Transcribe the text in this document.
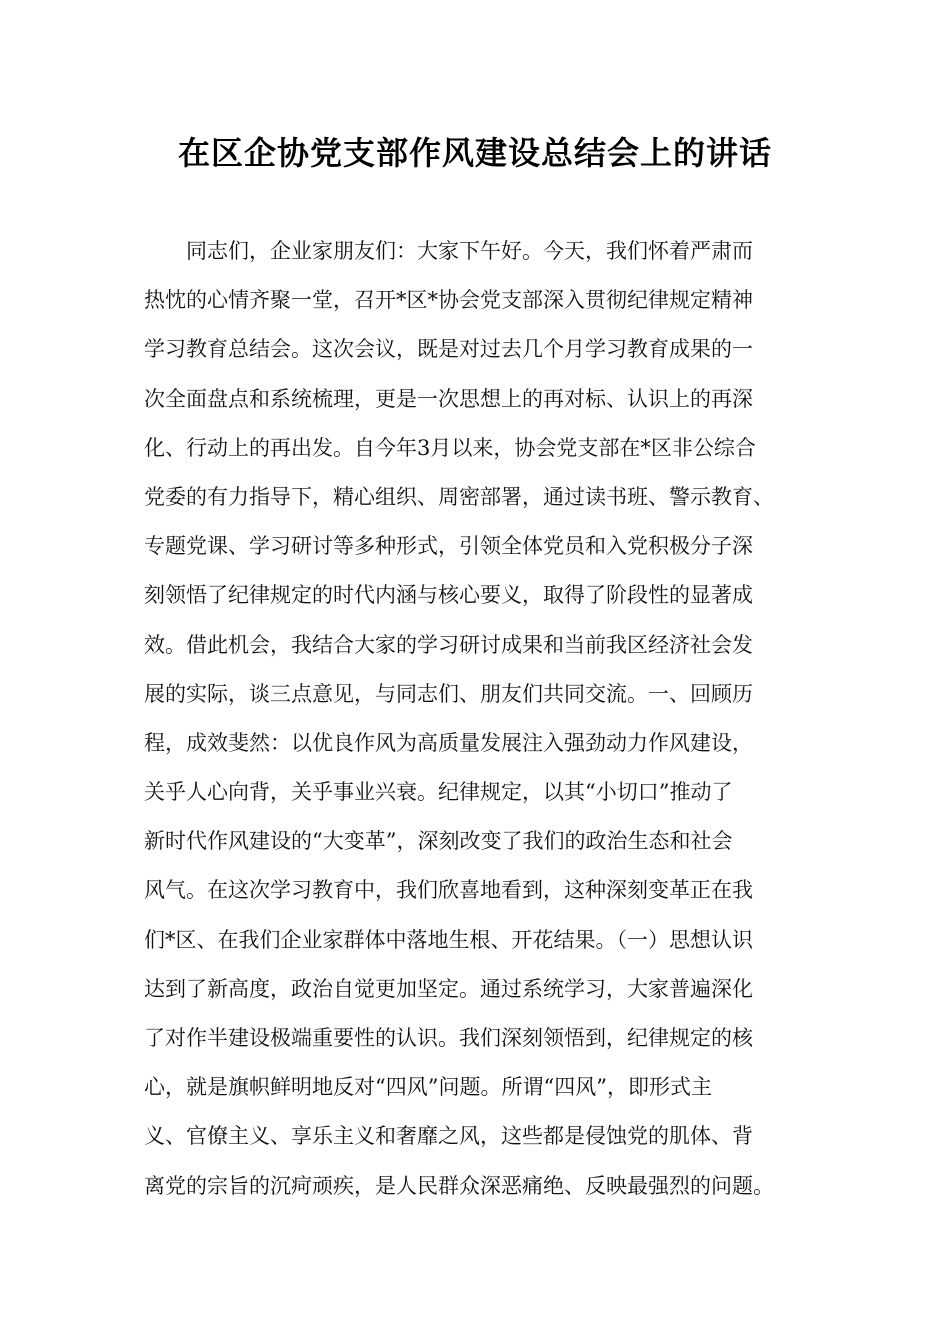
在区企协党支部作风建设总结会上的讲话
同志们，企业家朋友们：大家下午好。今天，我们怀着严肃而
热忱的心情齐聚一堂，召开*区*协会党支部深入贯彻纪律规定精神
学习教育总结会。这次会议，既是对过去几个月学习教育成果的一
次全面盘点和系统梳理，更是一次思想上的再对标、认识上的再深
化、行动上的再出发。自今年3月以来，协会党支部在*区非公综合
党委的有力指导下，精心组织、周密部署，通过读书班、警示教育、
专题党课、学习研讨等多种形式，引领全体党员和入党积极分子深
刻领悟了纪律规定的时代内涵与核心要义，取得了阶段性的显著成
效。借此机会，我结合大家的学习研讨成果和当前我区经济社会发
展的实际，谈三点意见，与同志们、朋友们共同交流。一、回顾历
程，成效斐然：以优良作风为高质量发展注入强劲动力作风建设，
关乎人心向背，关乎事业兴衰。纪律规定，以其“小切口”推动了
新时代作风建设的“大变革”，深刻改变了我们的政治生态和社会
风气。在这次学习教育中，我们欣喜地看到，这种深刻变革正在我
们*区、在我们企业家群体中落地生根、开花结果。（一）思想认识
达到了新高度，政治自觉更加坚定。通过系统学习，大家普遍深化
了对作半建设极端重要性的认识。我们深刻领悟到，纪律规定的核
心，就是旗帜鲜明地反对“四风”问题。所谓“四风”，即形式主
义、官僚主义、享乐主义和奢靡之风，这些都是侵蚀党的肌体、背
离党的宗旨的沉疴顽疾，是人民群众深恶痛绝、反映最强烈的问题。
